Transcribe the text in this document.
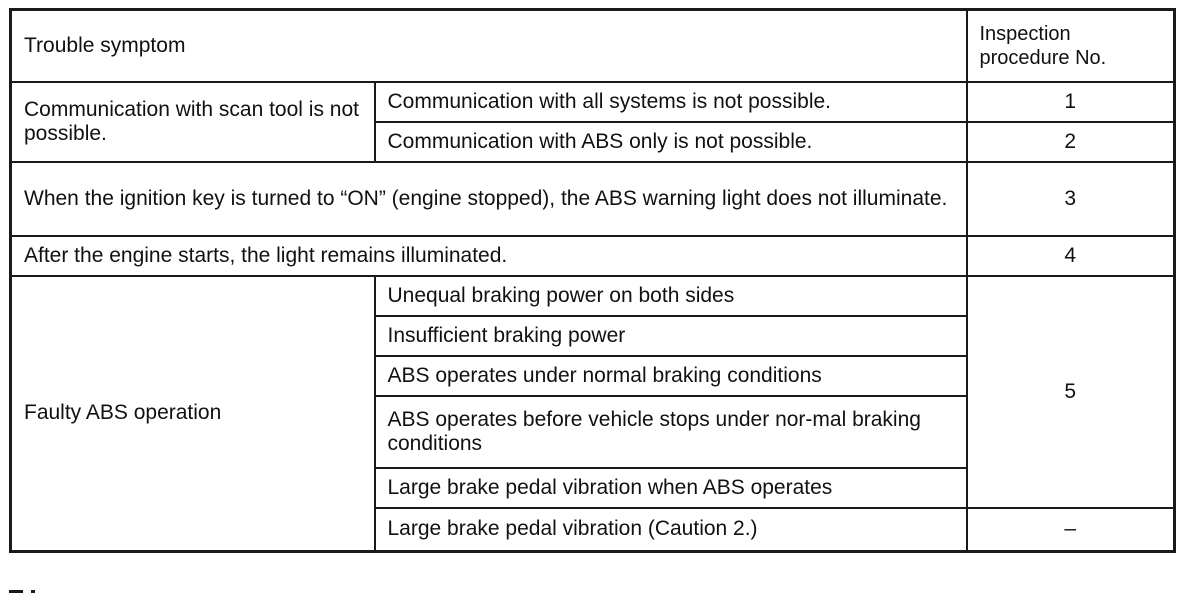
Trouble symptom		Inspection procedure No.
Communication with scan tool is not possible.	Communication with all systems is not possible.	1
	Communication with ABS only is not possible.	2
When the ignition key is turned to “ON” (engine stopped), the ABS warning light does not illuminate.		3
After the engine starts, the light remains illuminated.		4
Faulty ABS operation	Unequal braking power on both sides	5
	Insufficient braking power	
	ABS operates under normal braking conditions	
	ABS operates before vehicle stops under nor-mal braking conditions	
	Large brake pedal vibration when ABS operates	
	Large brake pedal vibration (Caution 2.)	–
